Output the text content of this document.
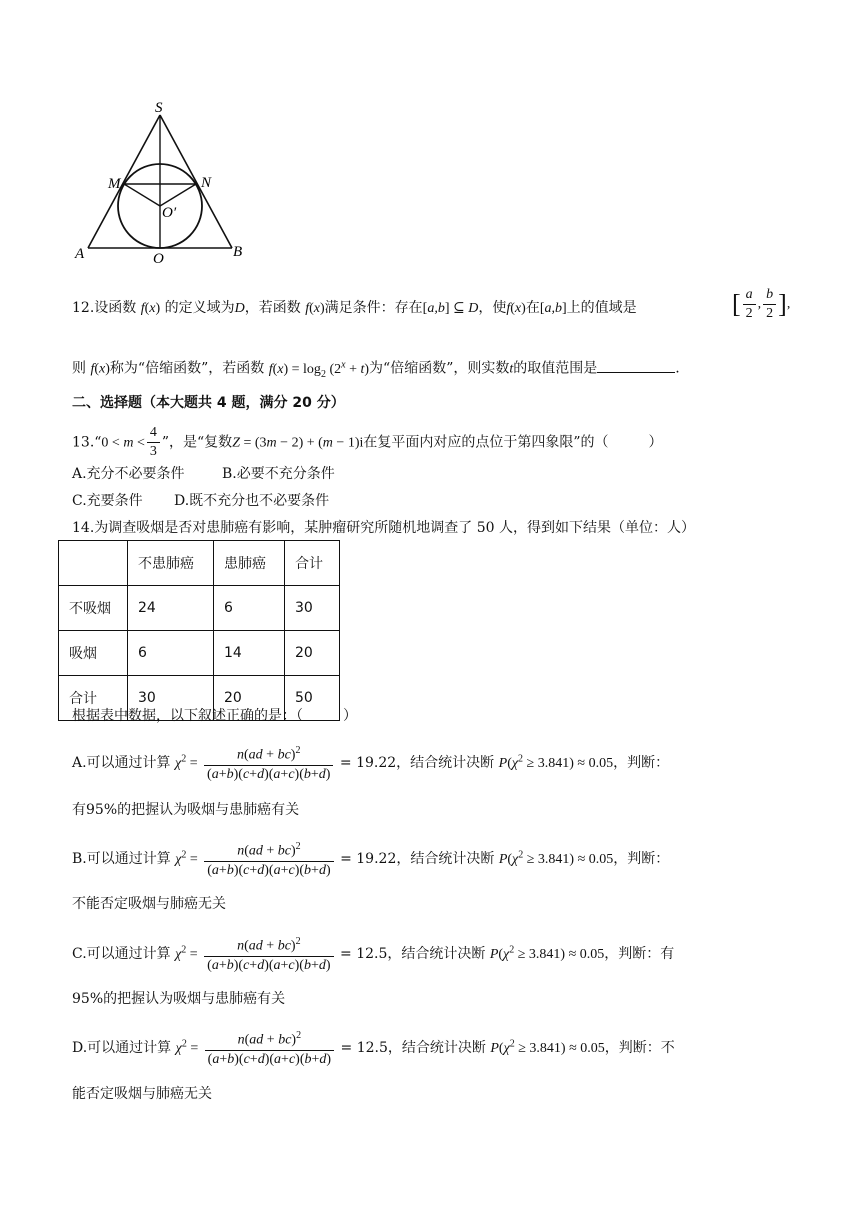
S
M	N
O′
A	O	B
12.设函数 f(x) 的定义域为D，若函数 f(x)满足条件：存在[a,b] ⊆ D，使f(x)在[a,b]上的值域是	[ $\frac{a}{2}$ , $\frac{b}{2}$ ],
则 f(x)称为“倍缩函数”，若函数 $f(x) = \log_2 (2^x + t)$为“倍缩函数”，则实数t的取值范围是	.
二、选择题（本大题共 4 题，满分 20 分）
13.“0 < $m < \frac{4}{3}$ ”，是“复数Z = (3m − 2) + (m − 1)i在复平面内对应的点位于第四象限”的（	）
A.充分不必要条件	B.必要不充分条件
C.充要条件 D.既不充分也不必要条件
14.为调查吸烟是否对患肺癌有影响，某肿瘤研究所随机地调查了 50 人，得到如下结果（单位：人）
	不患肺癌	患肺癌	合计
不吸烟	24	6	30
吸烟	6	14	20
合计	30	20	50
根据表中数据，以下叙述正确的是：（	）
A.可以通过计算 $\chi^2 = \frac{n(ad + bc)^2}{(a+b)(c+d)(a+c)(b+d)} = 19.22$，结合统计决断 $P(\chi^2 \ge 3.841) \approx 0.05$，判断：
有95%的把握认为吸烟与患肺癌有关
B.可以通过计算 $\chi^2 = \frac{n(ad + bc)^2}{(a+b)(c+d)(a+c)(b+d)} = 19.22$，结合统计决断 $P(\chi^2 \ge 3.841) \approx 0.05$，判断：
不能否定吸烟与肺癌无关
C.可以通过计算 $\chi^2 = \frac{n(ad + bc)^2}{(a+b)(c+d)(a+c)(b+d)} = 12.5$，结合统计决断 $P(\chi^2 \ge 3.841) \approx 0.05$，判断：有
95%的把握认为吸烟与患肺癌有关
D.可以通过计算 $\chi^2 = \frac{n(ad + bc)^2}{(a+b)(c+d)(a+c)(b+d)} = 12.5$，结合统计决断 $P(\chi^2 \ge 3.841) \approx 0.05$，判断：不
能否定吸烟与肺癌无关
